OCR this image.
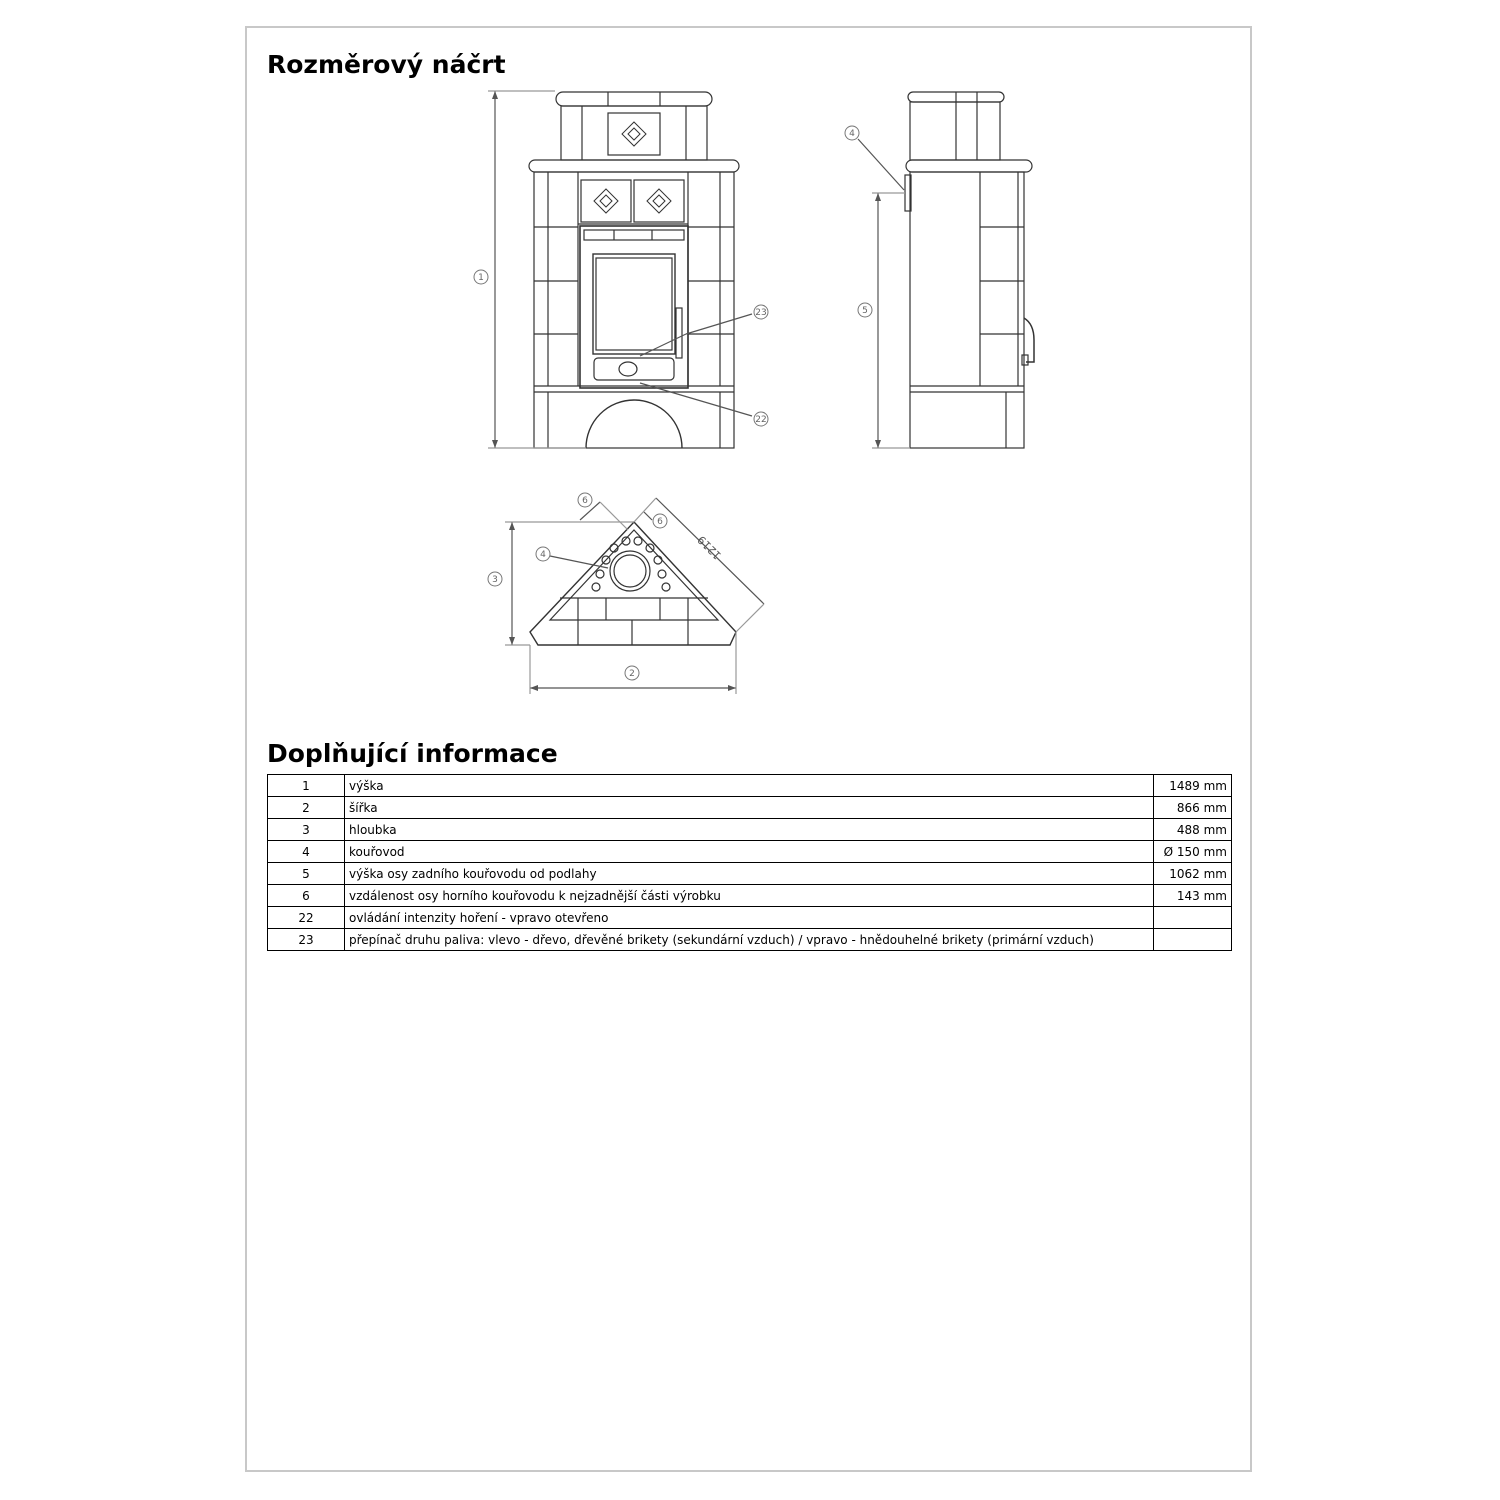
Rozměrový náčrt
1
23
22
4
5
6
6
4
3
2
1219
Doplňující informace
1	výška	1489 mm
2	šířka	866 mm
3	hloubka	488 mm
4	kouřovod	Ø 150 mm
5	výška osy zadního kouřovodu od podlahy	1062 mm
6	vzdálenost osy horního kouřovodu k nejzadnější části výrobku	143 mm
22	ovládání intenzity hoření - vpravo otevřeno	
23	přepínač druhu paliva: vlevo - dřevo, dřevěné brikety (sekundární vzduch) / vpravo - hnědouhelné brikety (primární vzduch)	
